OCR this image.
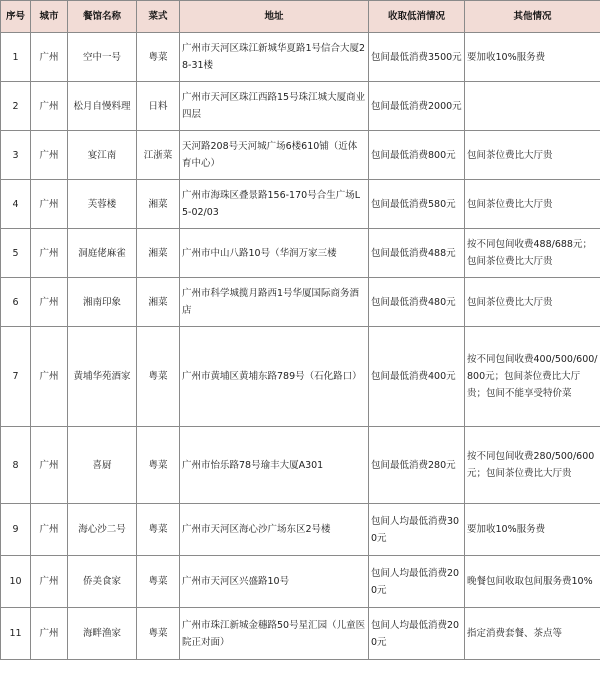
序号	城市	餐馆名称	菜式	地址	收取低消情况	其他情况
1	广州	空中一号	粤菜	广州市天河区珠江新城华夏路1号信合大厦28-31楼	包间最低消费3500元	要加收10%服务费
2	广州	松月自慢料理	日料	广州市天河区珠江西路15号珠江城大厦商业四层	包间最低消费2000元	
3	广州	宴江南	江浙菜	天河路208号天河城广场6楼610铺（近体育中心）	包间最低消费800元	包间茶位费比大厅贵
4	广州	芙蓉楼	湘菜	广州市海珠区叠景路156-170号合生广场L5-02/03	包间最低消费580元	包间茶位费比大厅贵
5	广州	洞庭佬麻雀	湘菜	广州市中山八路10号（华润万家三楼	包间最低消费488元	按不同包间收费488/688元；包间茶位费比大厅贵
6	广州	湘南印象	湘菜	广州市科学城揽月路西1号华厦国际商务酒店	包间最低消费480元	包间茶位费比大厅贵
7	广州	黄埔华苑酒家	粤菜	广州市黄埔区黄埔东路789号（石化路口）	包间最低消费400元	按不同包间收费400/500/600/800元；包间茶位费比大厅贵；包间不能享受特价菜
8	广州	喜厨	粤菜	广州市怡乐路78号瑜丰大厦A301	包间最低消费280元	按不同包间收费280/500/600元；包间茶位费比大厅贵
9	广州	海心沙二号	粤菜	广州市天河区海心沙广场东区2号楼	包间人均最低消费300元	要加收10%服务费
10	广州	侨美食家	粤菜	广州市天河区兴盛路10号	包间人均最低消费200元	晚餐包间收取包间服务费10%
11	广州	海畔渔家	粤菜	广州市珠江新城金穗路50号星汇园（儿童医院正对面）	包间人均最低消费200元	指定消费套餐、茶点等
